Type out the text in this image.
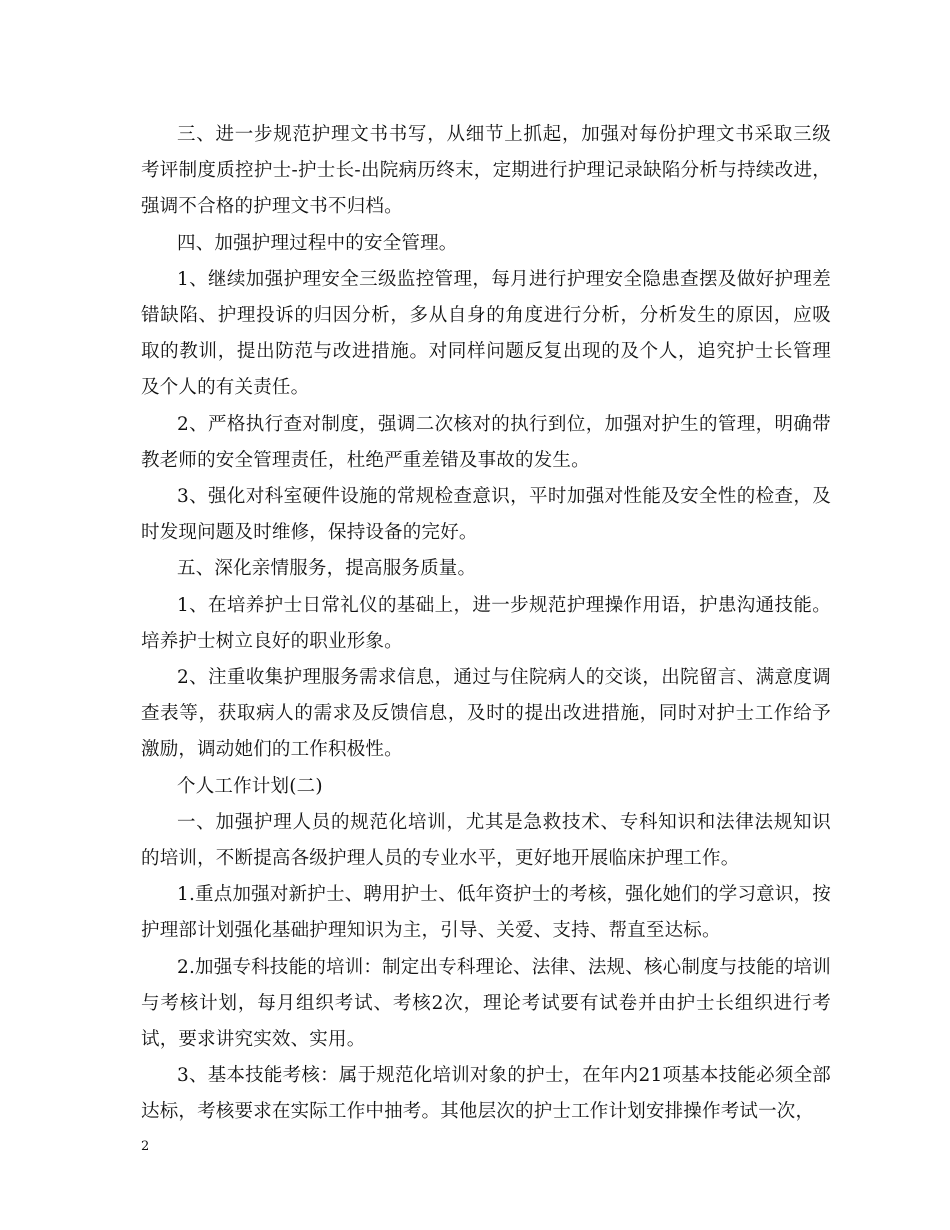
三、进一步规范护理文书书写，从细节上抓起，加强对每份护理文书采取三级考评制度质控护士-护士长-出院病历终末，定期进行护理记录缺陷分析与持续改进，强调不合格的护理文书不归档。

四、加强护理过程中的安全管理。

1、继续加强护理安全三级监控管理，每月进行护理安全隐患查摆及做好护理差错缺陷、护理投诉的归因分析，多从自身的角度进行分析，分析发生的原因，应吸取的教训，提出防范与改进措施。对同样问题反复出现的及个人，追究护士长管理及个人的有关责任。

2、严格执行查对制度，强调二次核对的执行到位，加强对护生的管理，明确带教老师的安全管理责任，杜绝严重差错及事故的发生。

3、强化对科室硬件设施的常规检查意识，平时加强对性能及安全性的检查，及时发现问题及时维修，保持设备的完好。

五、深化亲情服务，提高服务质量。

1、在培养护士日常礼仪的基础上，进一步规范护理操作用语，护患沟通技能。培养护士树立良好的职业形象。

2、注重收集护理服务需求信息，通过与住院病人的交谈，出院留言、满意度调查表等，获取病人的需求及反馈信息，及时的提出改进措施，同时对护士工作给予激励，调动她们的工作积极性。

个人工作计划(二)

一、加强护理人员的规范化培训，尤其是急救技术、专科知识和法律法规知识的培训，不断提高各级护理人员的专业水平，更好地开展临床护理工作。

1.重点加强对新护士、聘用护士、低年资护士的考核，强化她们的学习意识，按护理部计划强化基础护理知识为主，引导、关爱、支持、帮直至达标。

2.加强专科技能的培训：制定出专科理论、法律、法规、核心制度与技能的培训与考核计划，每月组织考试、考核2次，理论考试要有试卷并由护士长组织进行考试，要求讲究实效、实用。

3、基本技能考核：属于规范化培训对象的护士，在年内21项基本技能必须全部达标，考核要求在实际工作中抽考。其他层次的护士工作计划安排操作考试一次，

2
